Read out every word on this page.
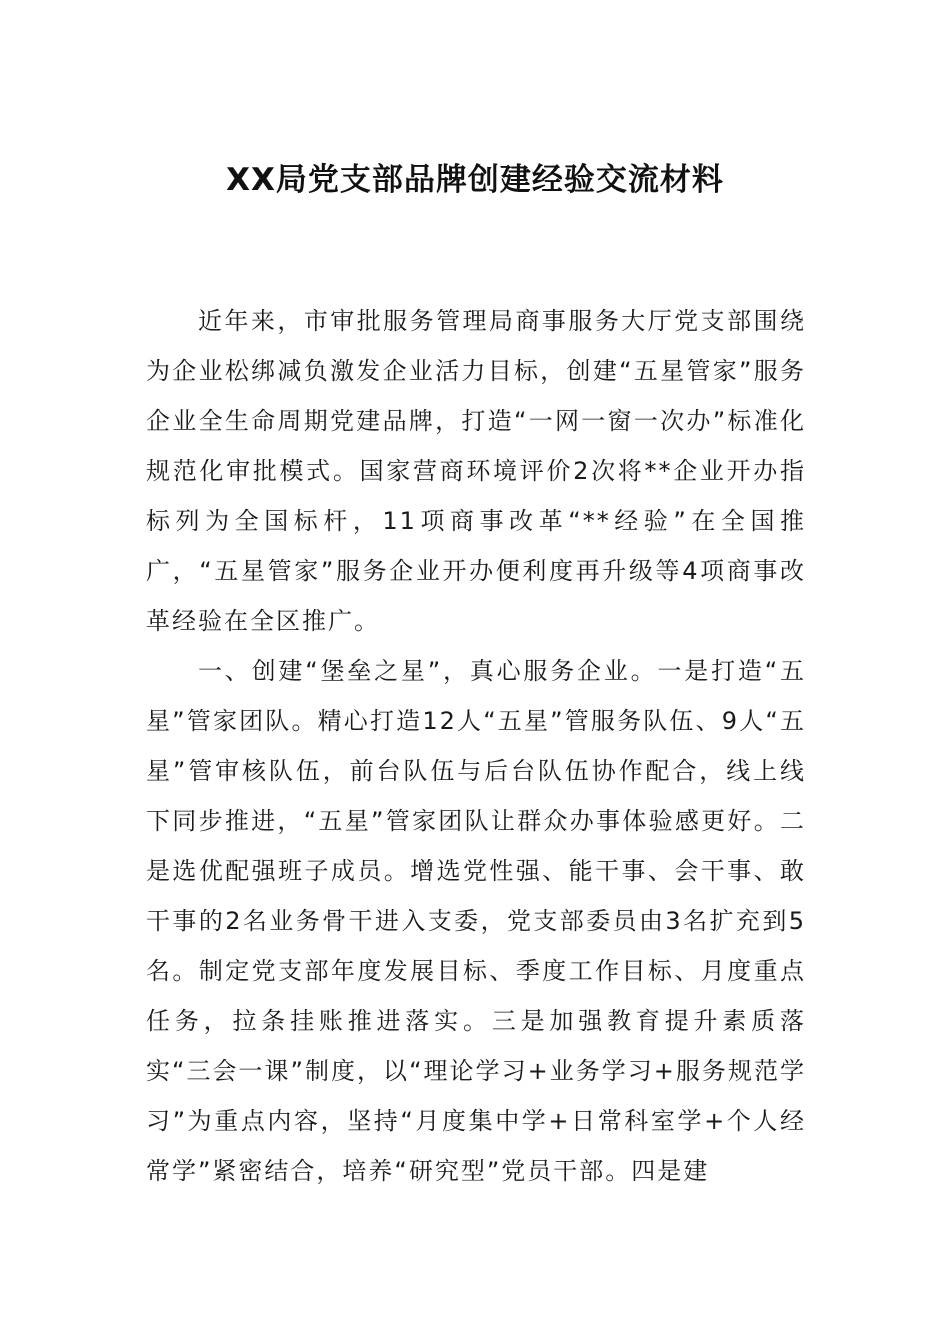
XX局党支部品牌创建经验交流材料

近年来，市审批服务管理局商事服务大厅党支部围绕为企业松绑减负激发企业活力目标，创建“五星管家”服务企业全生命周期党建品牌，打造“一网一窗一次办”标准化规范化审批模式。国家营商环境评价2次将**企业开办指标列为全国标杆，11项商事改革“**经验”在全国推广，“五星管家”服务企业开办便利度再升级等4项商事改革经验在全区推广。

一、创建“堡垒之星”，真心服务企业。一是打造“五星”管家团队。精心打造12人“五星”管服务队伍、9人“五星”管审核队伍，前台队伍与后台队伍协作配合，线上线下同步推进，“五星”管家团队让群众办事体验感更好。二是选优配强班子成员。增选党性强、能干事、会干事、敢干事的2名业务骨干进入支委，党支部委员由3名扩充到5名。制定党支部年度发展目标、季度工作目标、月度重点任务，拉条挂账推进落实。三是加强教育提升素质落实“三会一课”制度，以“理论学习+业务学习+服务规范学习”为重点内容，坚持“月度集中学+日常科室学+个人经常学”紧密结合，培养“研究型”党员干部。四是建
